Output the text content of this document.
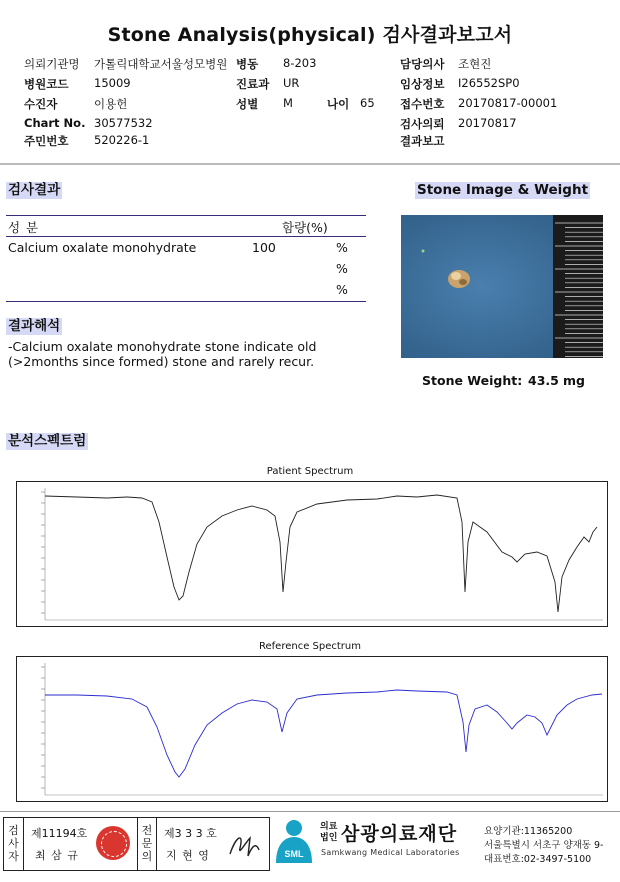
Stone Analysis(physical) 검사결과보고서
의뢰기관명 가톨릭대학교서울성모병원 병동 8-203	담당의사 조현진
병원코드 15009	진료과 UR	임상정보 I26552SP0
수진자	이용헌	성별 M	나이 65 접수번호 20170817-00001
Chart No. 30577532	검사의뢰 20170817
주민번호 520226-1	결과보고
검사결과
성 분	함량(%)
Calcium oxalate monohydrate	100	%
%
%
결과해석
-Calcium oxalate monohydrate stone indicate old
(>2months since formed) stone and rarely recur.
Stone Image & Weight
Stone Weight: 43.5 mg
분석스펙트럼
Patient Spectrum
Reference Spectrum
검사자
제11194호
최 삼 규
전문의
제3 3 3 호
지 현 영	SML
의료법인 삼광의료재단
Samkwang Medical Laboratories
요양기관:11365200
서울특별시 서초구 양재동 9-
대표번호:02-3497-5100
